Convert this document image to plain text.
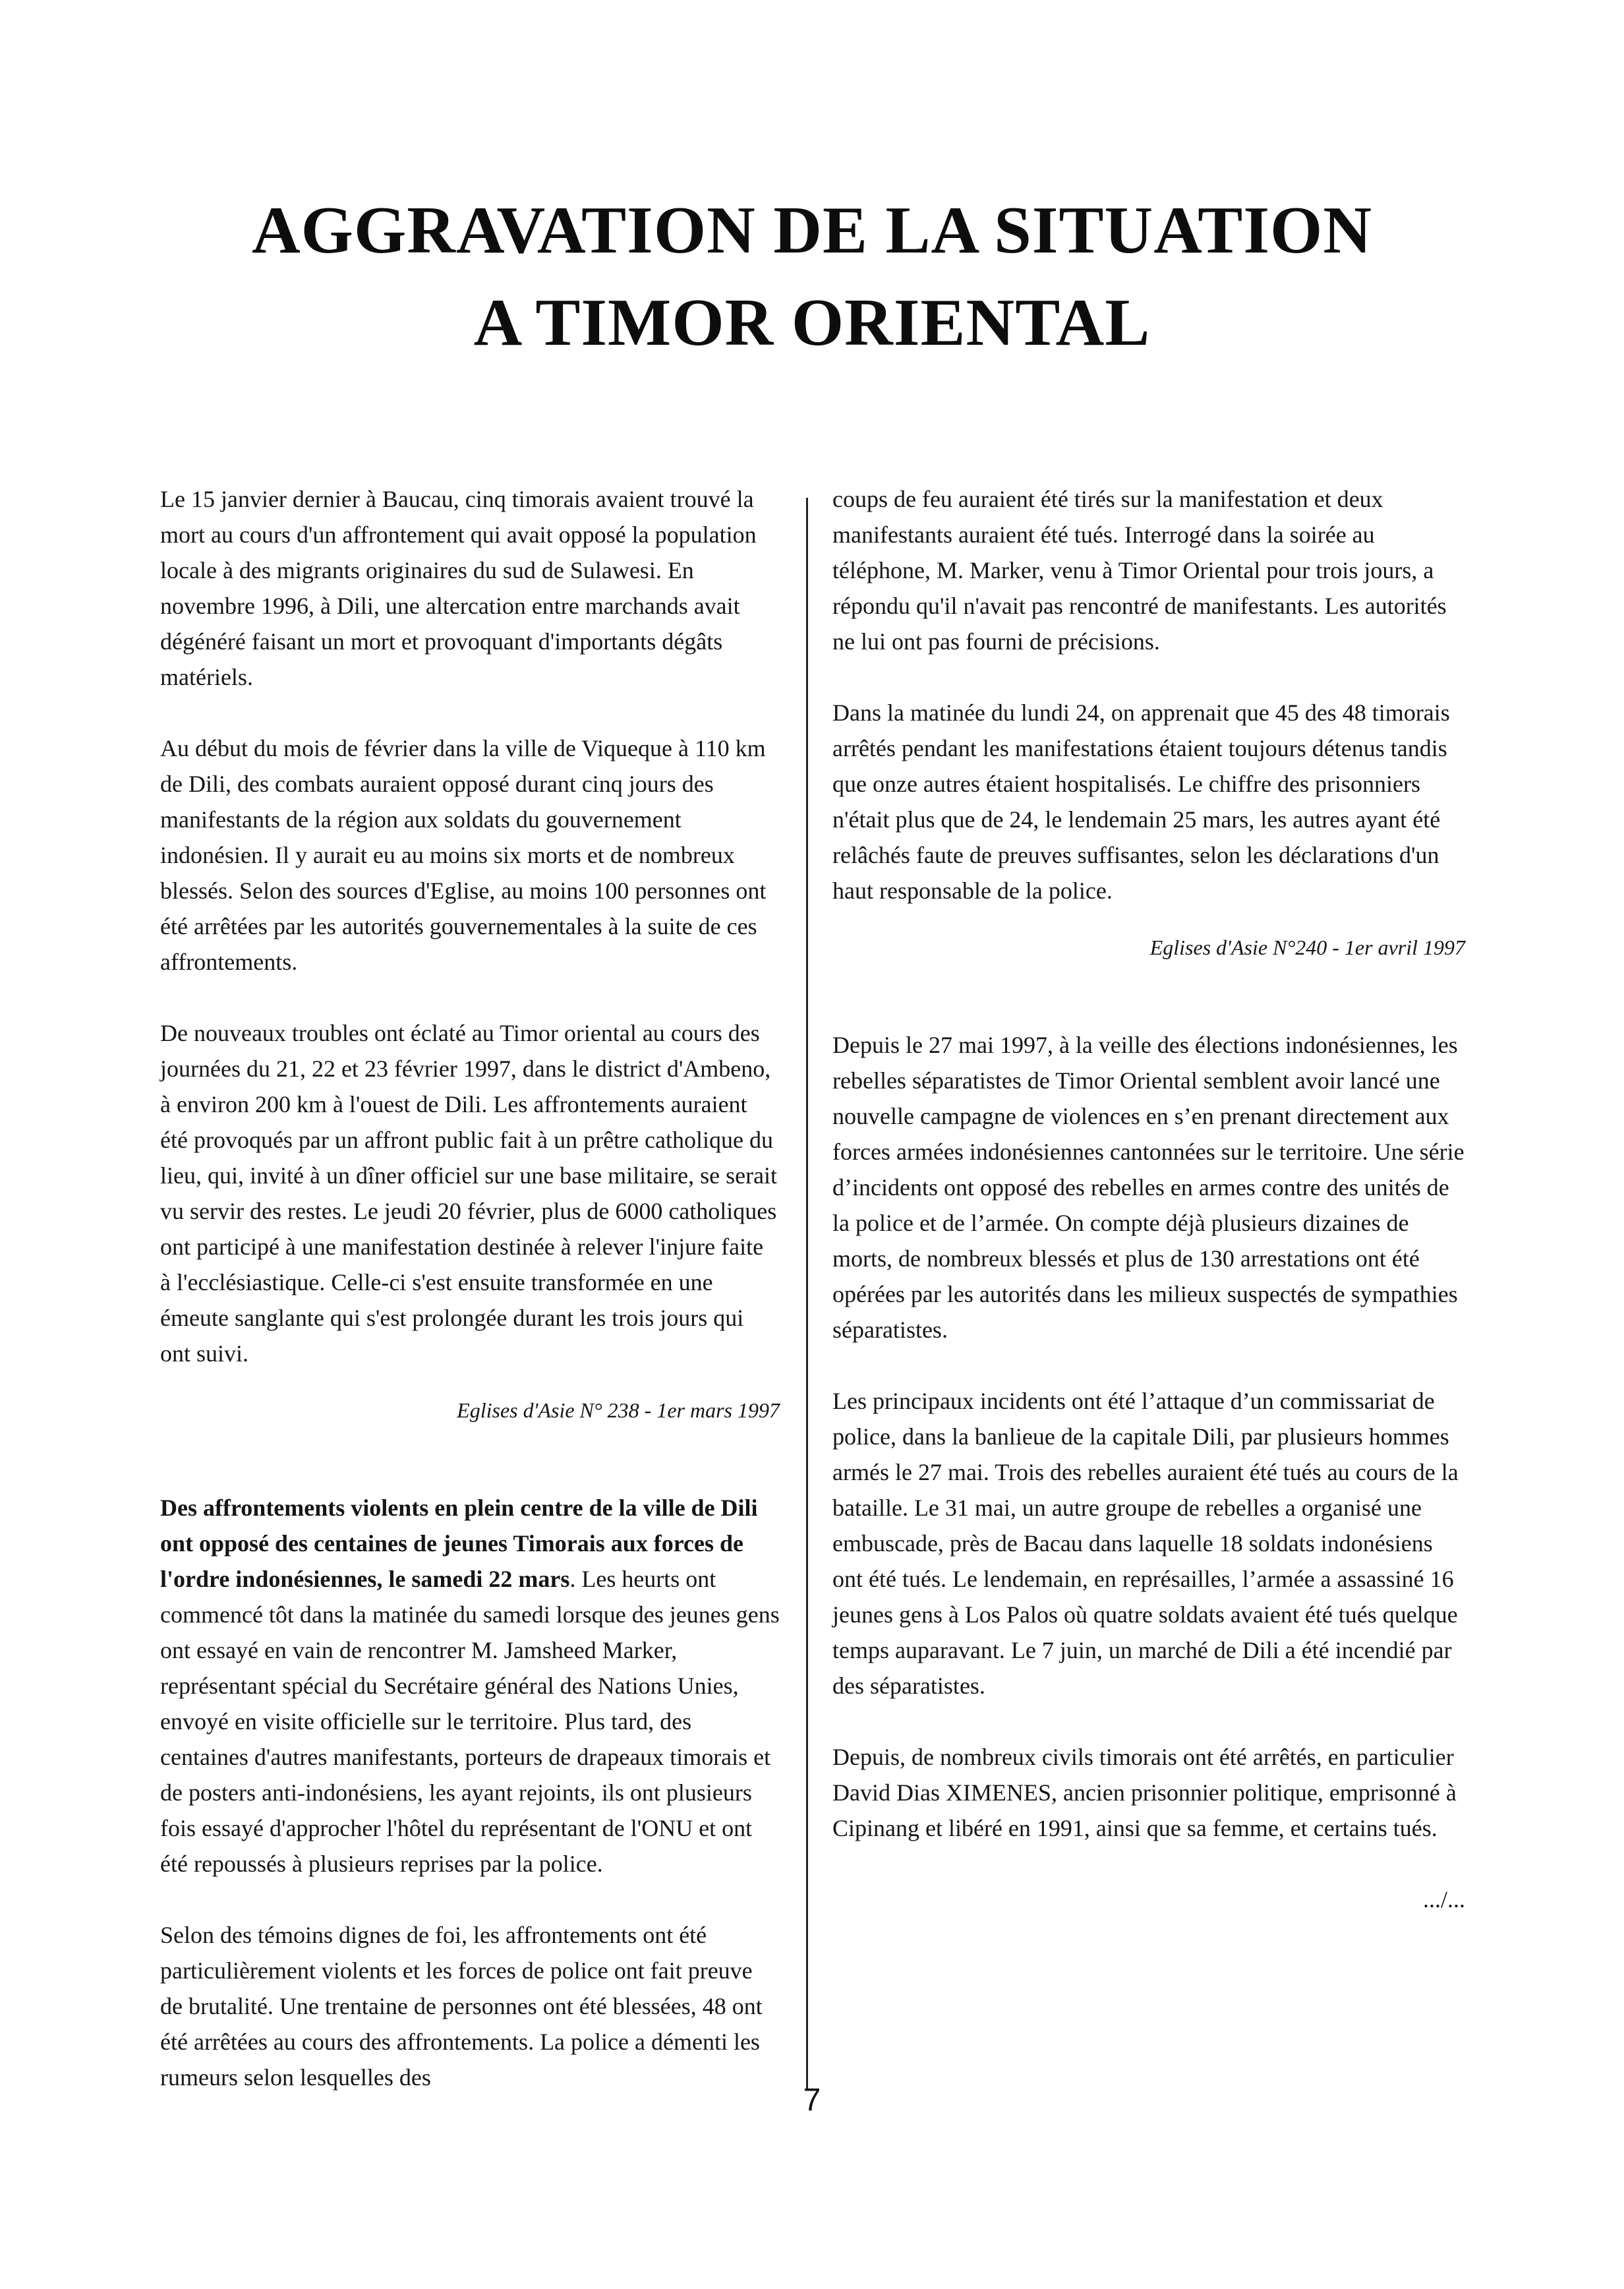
AGGRAVATION DE LA SITUATION
A TIMOR ORIENTAL

Le 15 janvier dernier à Baucau, cinq timorais avaient trouvé la mort au cours d'un affrontement qui avait opposé la population locale à des migrants originaires du sud de Sulawesi. En novembre 1996, à Dili, une altercation entre marchands avait dégénéré faisant un mort et provoquant d'importants dégâts matériels.

Au début du mois de février dans la ville de Viqueque à 110 km de Dili, des combats auraient opposé durant cinq jours des manifestants de la région aux soldats du gouvernement indonésien. Il y aurait eu au moins six morts et de nombreux blessés. Selon des sources d'Eglise, au moins 100 personnes ont été arrêtées par les autorités gouvernementales à la suite de ces affrontements.

De nouveaux troubles ont éclaté au Timor oriental au cours des journées du 21, 22 et 23 février 1997, dans le district d'Ambeno, à environ 200 km à l'ouest de Dili. Les affrontements auraient été provoqués par un affront public fait à un prêtre catholique du lieu, qui, invité à un dîner officiel sur une base militaire, se serait vu servir des restes. Le jeudi 20 février, plus de 6000 catholiques ont participé à une manifestation destinée à relever l'injure faite à l'ecclésiastique. Celle-ci s'est ensuite transformée en une émeute sanglante qui s'est prolongée durant les trois jours qui ont suivi.

Eglises d'Asie N° 238 - 1er mars 1997

Des affrontements violents en plein centre de la ville de Dili ont opposé des centaines de jeunes Timorais aux forces de l'ordre indonésiennes, le samedi 22 mars. Les heurts ont commencé tôt dans la matinée du samedi lorsque des jeunes gens ont essayé en vain de rencontrer M. Jamsheed Marker, représentant spécial du Secrétaire général des Nations Unies, envoyé en visite officielle sur le territoire. Plus tard, des centaines d'autres manifestants, porteurs de drapeaux timorais et de posters anti-indonésiens, les ayant rejoints, ils ont plusieurs fois essayé d'approcher l'hôtel du représentant de l'ONU et ont été repoussés à plusieurs reprises par la police.

Selon des témoins dignes de foi, les affrontements ont été particulièrement violents et les forces de police ont fait preuve de brutalité. Une trentaine de personnes ont été blessées, 48 ont été arrêtées au cours des affrontements. La police a démenti les rumeurs selon lesquelles des

coups de feu auraient été tirés sur la manifestation et deux manifestants auraient été tués. Interrogé dans la soirée au téléphone, M. Marker, venu à Timor Oriental pour trois jours, a répondu qu'il n'avait pas rencontré de manifestants. Les autorités ne lui ont pas fourni de précisions.

Dans la matinée du lundi 24, on apprenait que 45 des 48 timorais arrêtés pendant les manifestations étaient toujours détenus tandis que onze autres étaient hospitalisés. Le chiffre des prisonniers n'était plus que de 24, le lendemain 25 mars, les autres ayant été relâchés faute de preuves suffisantes, selon les déclarations d'un haut responsable de la police.

Eglises d'Asie N°240 - 1er avril 1997

Depuis le 27 mai 1997, à la veille des élections indonésiennes, les rebelles séparatistes de Timor Oriental semblent avoir lancé une nouvelle campagne de violences en s’en prenant directement aux forces armées indonésiennes cantonnées sur le territoire. Une série d’incidents ont opposé des rebelles en armes contre des unités de la police et de l’armée. On compte déjà plusieurs dizaines de morts, de nombreux blessés et plus de 130 arrestations ont été opérées par les autorités dans les milieux suspectés de sympathies séparatistes.

Les principaux incidents ont été l’attaque d’un commissariat de police, dans la banlieue de la capitale Dili, par plusieurs hommes armés le 27 mai. Trois des rebelles auraient été tués au cours de la bataille. Le 31 mai, un autre groupe de rebelles a organisé une embuscade, près de Bacau dans laquelle 18 soldats indonésiens ont été tués. Le lendemain, en représailles, l’armée a assassiné 16 jeunes gens à Los Palos où quatre soldats avaient été tués quelque temps auparavant. Le 7 juin, un marché de Dili a été incendié par des séparatistes.

Depuis, de nombreux civils timorais ont été arrêtés, en particulier David Dias XIMENES, ancien prisonnier politique, emprisonné à Cipinang et libéré en 1991, ainsi que sa femme, et certains tués.

.../...

7
